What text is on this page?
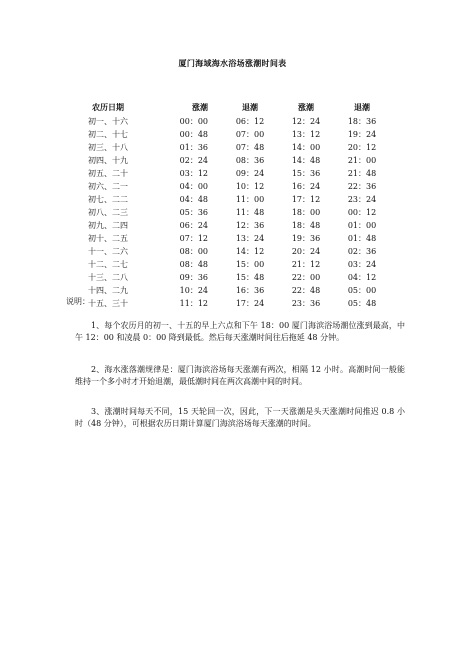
厦门海域海水浴场涨潮时间表
农历日期	涨潮	退潮	涨潮	退潮
初一、十六	00：00	06：12	12：24	18：36
初二、十七	00：48	07：00	13：12	19：24
初三、十八	01：36	07：48	14：00	20：12
初四、十九	02：24	08：36	14：48	21：00
初五、二十	03：12	09：24	15：36	21：48
初六、二一	04：00	10：12	16：24	22：36
初七、二二	04：48	11：00	17：12	23：24
初八、二三	05：36	11：48	18：00	00：12
初九、二四	06：24	12：36	18：48	01：00
初十、二五	07：12	13：24	19：36	01：48
十一、二六	08：00	14：12	20：24	02：36
十二、二七	08：48	15：00	21：12	03：24
十三、二八	09：36	15：48	22：00	04：12
十四、二九	10：24	16：36	22：48	05：00
十五、三十	11：12	17：24	23：36	05：48
说明：
1、每个农历月的初一、十五的早上六点和下午 18：00 厦门海滨浴场潮位涨到最高，中午 12：00 和凌晨 0：00 降到最低。然后每天涨潮时间往后拖延 48 分钟。
2、海水涨落潮规律是：厦门海滨浴场每天涨潮有两次，相隔 12 小时。高潮时间一般能维持一个多小时才开始退潮，最低潮时间在两次高潮中间的时间。
3、涨潮时间每天不同，15 天轮回一次，因此，下一天涨潮是头天涨潮时间推迟 0.8 小时（48 分钟），可根据农历日期计算厦门海滨浴场每天涨潮的时间。
